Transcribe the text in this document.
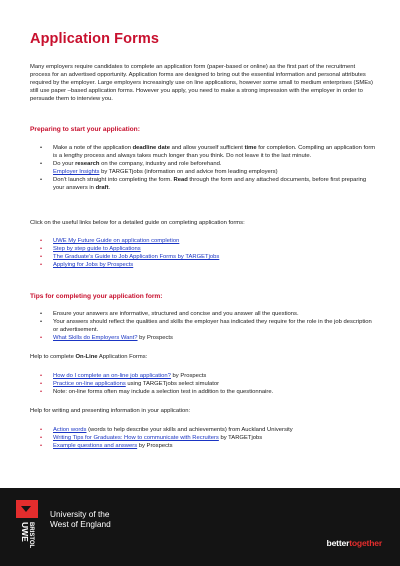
Application Forms

Many employers require candidates to complete an application form (paper-based or online) as the first part of the recruitment process for an advertised opportunity. Application forms are designed to bring out the essential information and personal attributes required by the employer. Large employers increasingly use on line applications, however some small to medium enterprises (SMEs) still use paper –based application forms. However you apply, you need to make a strong impression with the employer in order to persuade them to interview you.

Preparing to start your application:
• Make a note of the application deadline date and allow yourself sufficient time for completion. Compiling an application form is a lengthy process and always takes much longer than you think. Do not leave it to the last minute.
• Do your research on the company, industry and role beforehand.
Employer Insights by TARGETjobs (information on and advice from leading employers)
• Don’t launch straight into completing the form. Read through the form and any attached documents, before first preparing your answers in draft.

Click on the useful links below for a detailed guide on completing application forms:

• UWE My Future Guide on application completion
• Step by step guide to Applications
• The Graduate’s Guide to Job Application Forms by TARGETjobs
• Applying for Jobs by Prospects
Tips for completing your application form:
• Ensure your answers are informative, structured and concise and you answer all the questions.
• Your answers should reflect the qualities and skills the employer has indicated they require for the role in the job description or advertisement.
• What Skills do Employers Want? by Prospects

Help to complete On-Line Application Forms:

• How do I complete an on-line job application? by Prospects
• Practice on-line applications using TARGETjobs select simulator
• Note: on-line forms often may include a selection test in addition to the questionnaire.

Help for writing and presenting information in your application:

• Action words (words to help describe your skills and achievements) from Auckland University
• Writing Tips for Graduates: How to communicate with Recruiters by TARGETjobs
• Example questions and answers by Prospects
UWE
BRISTOL
University of the
West of England
bettertogether
